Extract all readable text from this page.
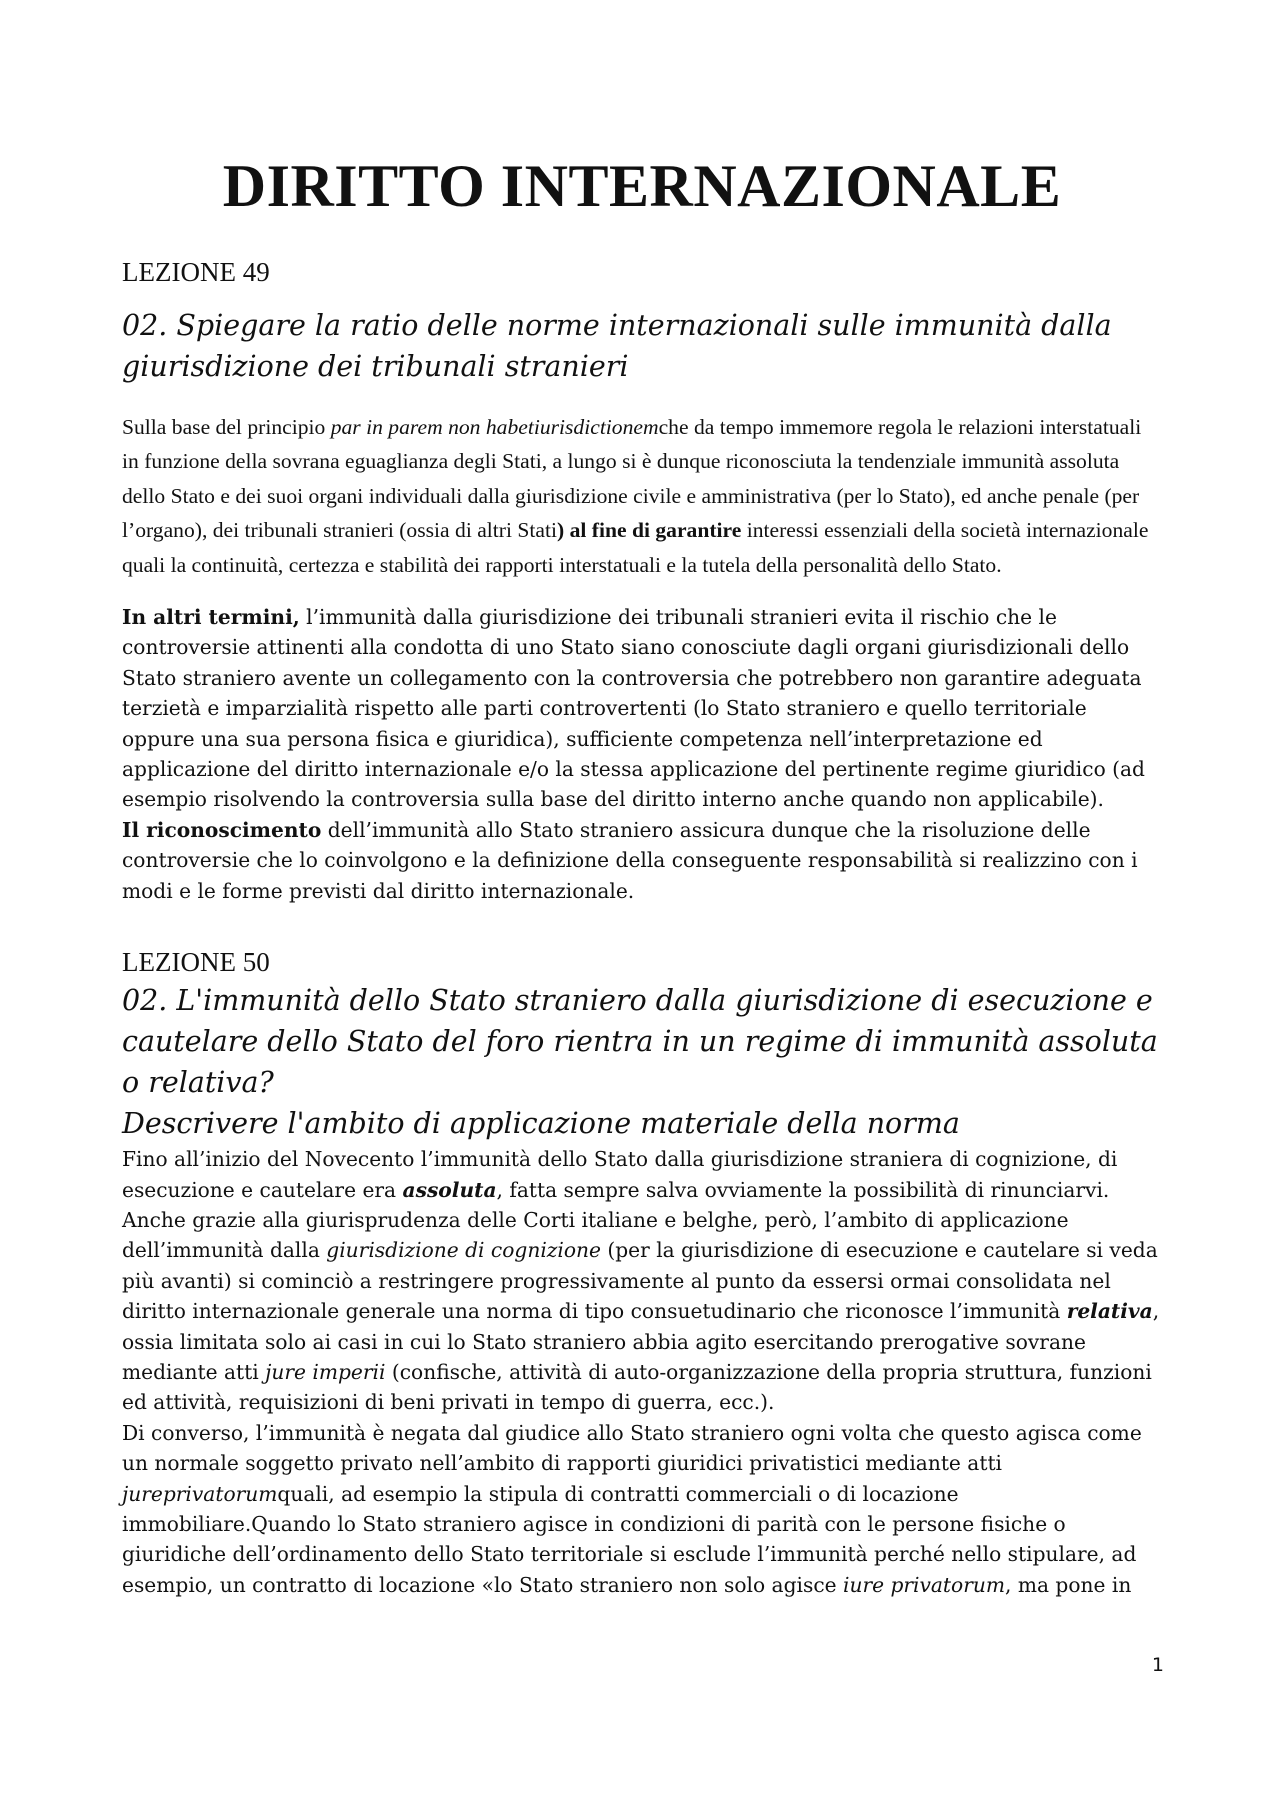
DIRITTO INTERNAZIONALE

LEZIONE 49

02. Spiegare la ratio delle norme internazionali sulle immunità dalla giurisdizione dei tribunali stranieri

Sulla base del principio par in parem non habetiurisdictionemche da tempo immemore regola le relazioni interstatuali in funzione della sovrana eguaglianza degli Stati, a lungo si è dunque riconosciuta la tendenziale immunità assoluta dello Stato e dei suoi organi individuali dalla giurisdizione civile e amministrativa (per lo Stato), ed anche penale (per l’organo), dei tribunali stranieri (ossia di altri Stati) al fine di garantire interessi essenziali della società internazionale quali la continuità, certezza e stabilità dei rapporti interstatuali e la tutela della personalità dello Stato.

In altri termini, l’immunità dalla giurisdizione dei tribunali stranieri evita il rischio che le controversie attinenti alla condotta di uno Stato siano conosciute dagli organi giurisdizionali dello Stato straniero avente un collegamento con la controversia che potrebbero non garantire adeguata terzietà e imparzialità rispetto alle parti controvertenti (lo Stato straniero e quello territoriale oppure una sua persona fisica e giuridica), sufficiente competenza nell’interpretazione ed applicazione del diritto internazionale e/o la stessa applicazione del pertinente regime giuridico (ad esempio risolvendo la controversia sulla base del diritto interno anche quando non applicabile).

Il riconoscimento dell’immunità allo Stato straniero assicura dunque che la risoluzione delle controversie che lo coinvolgono e la definizione della conseguente responsabilità si realizzino con i modi e le forme previsti dal diritto internazionale.

LEZIONE 50

02. L'immunità dello Stato straniero dalla giurisdizione di esecuzione e cautelare dello Stato del foro rientra in un regime di immunità assoluta o relativa?
Descrivere l'ambito di applicazione materiale della norma

Fino all’inizio del Novecento l’immunità dello Stato dalla giurisdizione straniera di cognizione, di esecuzione e cautelare era assoluta, fatta sempre salva ovviamente la possibilità di rinunciarvi. Anche grazie alla giurisprudenza delle Corti italiane e belghe, però, l’ambito di applicazione dell’immunità dalla giurisdizione di cognizione (per la giurisdizione di esecuzione e cautelare si veda più avanti) si cominciò a restringere progressivamente al punto da essersi ormai consolidata nel diritto internazionale generale una norma di tipo consuetudinario che riconosce l’immunità relativa, ossia limitata solo ai casi in cui lo Stato straniero abbia agito esercitando prerogative sovrane mediante atti jure imperii (confische, attività di auto-organizzazione della propria struttura, funzioni ed attività, requisizioni di beni privati in tempo di guerra, ecc.).

Di converso, l’immunità è negata dal giudice allo Stato straniero ogni volta che questo agisca come un normale soggetto privato nell’ambito di rapporti giuridici privatistici mediante atti jureprivatorumquali, ad esempio la stipula di contratti commerciali o di locazione immobiliare.Quando lo Stato straniero agisce in condizioni di parità con le persone fisiche o giuridiche dell’ordinamento dello Stato territoriale si esclude l’immunità perché nello stipulare, ad esempio, un contratto di locazione «lo Stato straniero non solo agisce iure privatorum, ma pone in

1
